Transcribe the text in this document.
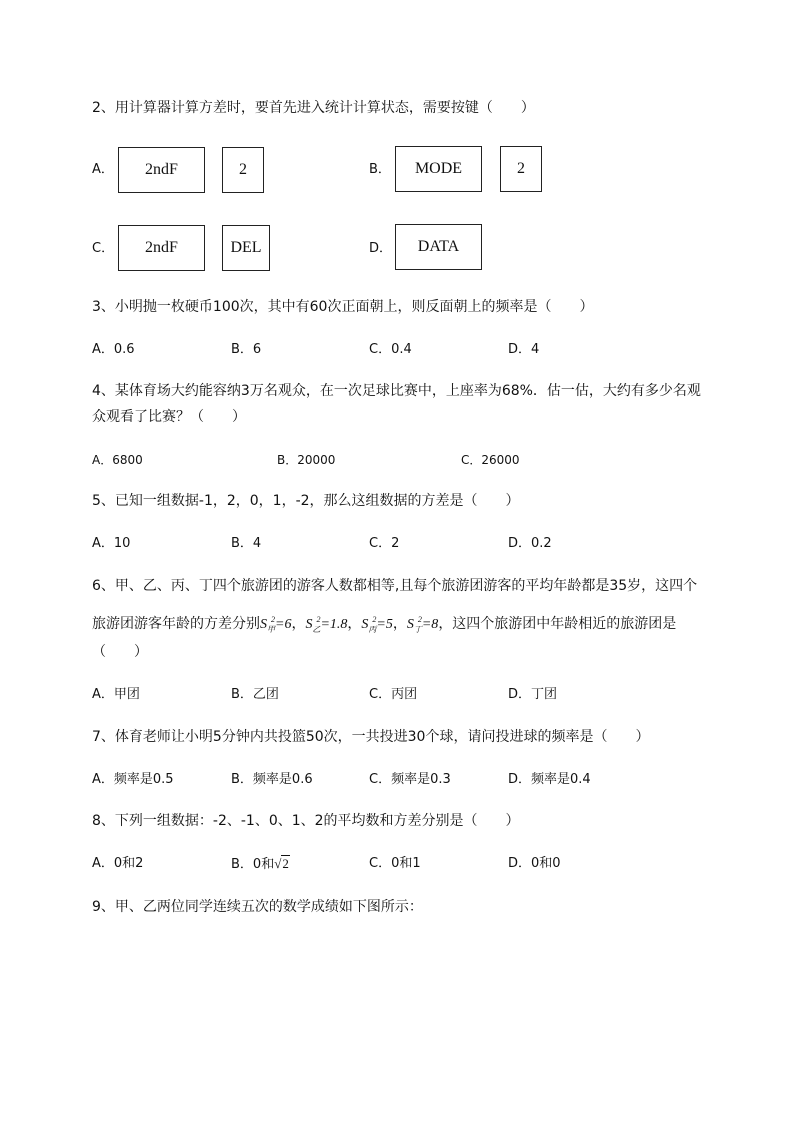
2、用计算器计算方差时，要首先进入统计计算状态，需要按键（　　）
A．	2ndF	2	B．	MODE	2
C．	2ndF	DEL	D．	DATA
3、小明抛一枚硬币100次，其中有60次正面朝上，则反面朝上的频率是（　　）
A．0.6	B．6	C．0.4	D．4
4、某体育场大约能容纳3万名观众，在一次足球比赛中，上座率为68%．估一估，大约有多少名观
众观看了比赛？（　　）
A．6800	B．20000	C．26000
5、已知一组数据-1，2，0，1，-2，那么这组数据的方差是（　　）
A．10	B．4	C．2	D．0.2
6、甲、乙、丙、丁四个旅游团的游客人数都相等,且每个旅游团游客的平均年龄都是35岁，这四个
旅游团游客年龄的方差分别$S_甲^2=6$，$S_乙^2=1.8$，$S_丙^2=5$，$S_丁^2=8$，这四个旅游团中年龄相近的旅游团是
（　　）
A．甲团	B．乙团	C．丙团	D．丁团
7、体育老师让小明5分钟内共投篮50次，一共投进30个球，请问投进球的频率是（　　）
A．频率是0.5	B．频率是0.6	C．频率是0.3	D．频率是0.4
8、下列一组数据：-2、-1、0、1、2的平均数和方差分别是（　　）
A．0和2	B．0和√2	C．0和1	D．0和0
9、甲、乙两位同学连续五次的数学成绩如下图所示：
